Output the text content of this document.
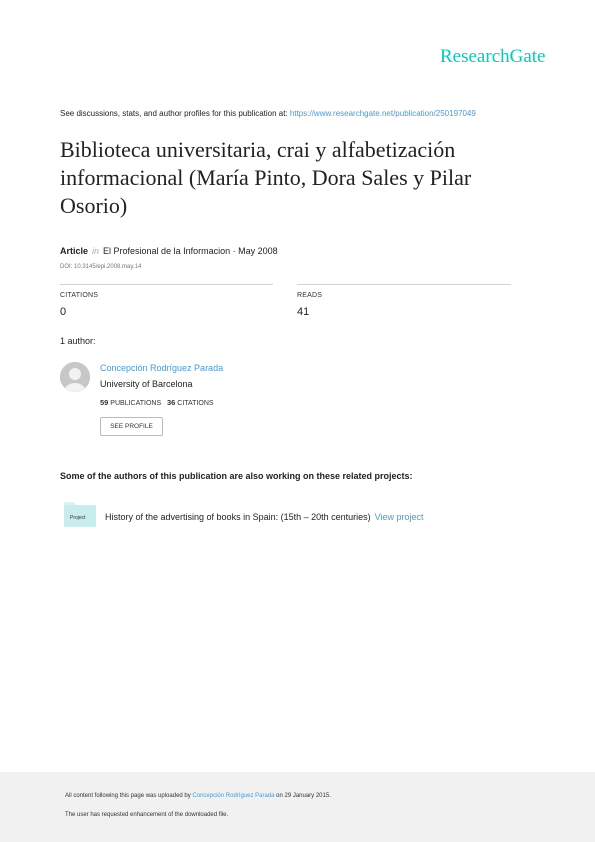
ResearchGate
See discussions, stats, and author profiles for this publication at: https://www.researchgate.net/publication/250197049
Biblioteca universitaria, crai y alfabetización informacional (María Pinto, Dora Sales y Pilar Osorio)
Article in El Profesional de la Informacion · May 2008
DOI: 10.3145/epi.2008.may.14
CITATIONS
0
READS
41
1 author:
Concepción Rodríguez Parada
University of Barcelona
59 PUBLICATIONS 36 CITATIONS
SEE PROFILE
Some of the authors of this publication are also working on these related projects:
Project History of the advertising of books in Spain: (15th – 20th centuries) View project
All content following this page was uploaded by Concepción Rodríguez Parada on 29 January 2015.
The user has requested enhancement of the downloaded file.
